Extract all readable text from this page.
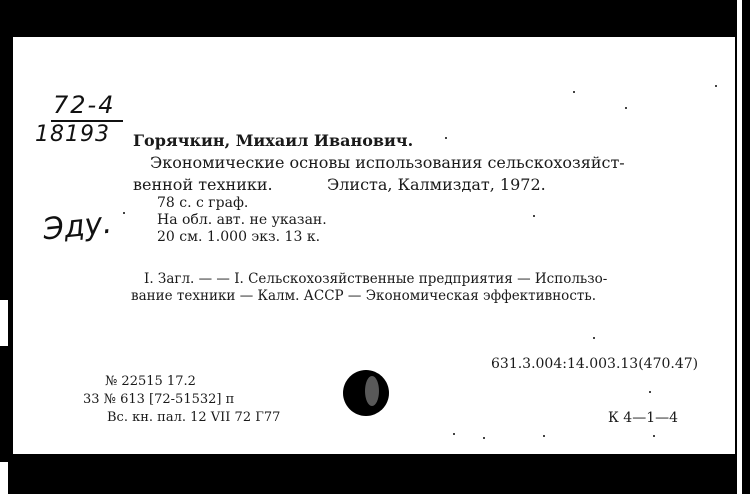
72-4
18193
Эду.
Горячкин, Михаил Иванович.
Экономические основы использования сельскохозяйст-
венной техники.	Элиста, Калмиздат, 1972.
78 с. с граф.
На обл. авт. не указан.
20 см. 1.000 экз. 13 к.
I. Загл. — — I. Сельскохозяйственные предприятия — Использо-
вание техники — Калм. АССР — Экономическая эффективность.
631.3.004:14.003.13(470.47)
№ 22515 17.2
33 № 613 [72-51532] п
Вс. кн. пал. 12 VII 72 Г77	К 4—1—4
